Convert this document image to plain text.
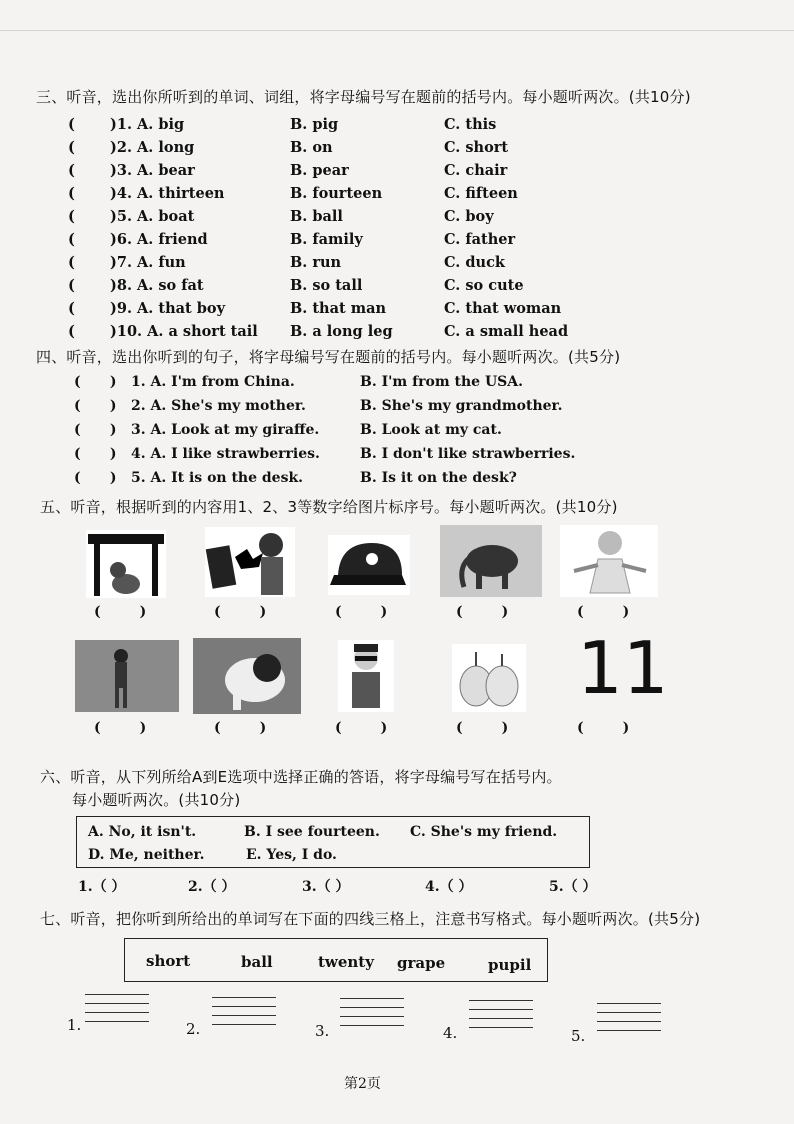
三、听音，选出你所听到的单词、词组，将字母编号写在题前的括号内。每小题听两次。(共10分)
( )1. A. big	B. pig	C. this
( )2. A. long	B. on	C. short
( )3. A. bear	B. pear	C. chair
( )4. A. thirteen	B. fourteen	C. fifteen
( )5. A. boat	B. ball	C. boy
( )6. A. friend	B. family	C. father
( )7. A. fun	B. run	C. duck
( )8. A. so fat	B. so tall	C. so cute
( )9. A. that boy	B. that man	C. that woman
( )10. A. a short tail B. a long leg	C. a small head
四、听音，选出你听到的句子，将字母编号写在题前的括号内。每小题听两次。(共5分)
(      ) 1. A. I'm from China.	B. I'm from the USA.
(      ) 2. A. She's my mother.	B. She's my grandmother.
(      ) 3. A. Look at my giraffe.	B. Look at my cat.
(      ) 4. A. I like strawberries.	B. I don't like strawberries.
(      ) 5. A. It is on the desk.	B. Is it on the desk?
五、听音，根据听到的内容用1、2、3等数字给图片标序号。每小题听两次。(共10分)
(        )	(        )	(        )	(        )	(        )
11
(        )	(        )	(        )	(        )	(        )
六、听音，从下列所给A到E选项中选择正确的答语，将字母编号写在括号内。
每小题听两次。(共10分)
A. No, it isn't.	B. I see fourteen. C. She's my friend.
D. Me, neither.	E. Yes, I do.
1.（ ）	2.（ ）	3.（ ）	4.（ ）	5.（ ）
七、听音，把你听到所给出的单词写在下面的四线三格上，注意书写格式。每小题听两次。(共5分)
short	ball	twenty grape	pupil
1.	2.	3.	4.	5.
第2页
